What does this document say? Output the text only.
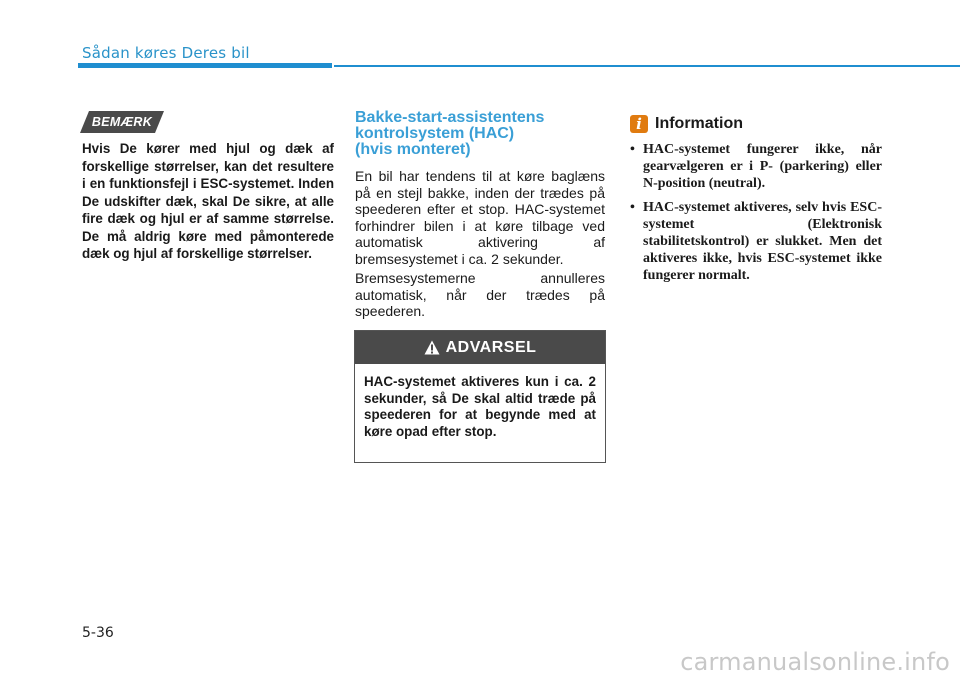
Sådan køres Deres bil
BEMÆRK
Hvis De kører med hjul og dæk af forskellige størrelser, kan det resultere i en funktionsfejl i ESC-systemet. Inden De udskifter dæk, skal De sikre, at alle fire dæk og hjul er af samme størrelse. De må aldrig køre med påmonterede dæk og hjul af forskellige størrelser.
Bakke-start-assistentens
kontrolsystem (HAC)
(hvis monteret)
En bil har tendens til at køre baglæns på en stejl bakke, inden der trædes på speederen efter et stop. HAC-systemet forhindrer bilen i at køre tilbage ved automatisk aktivering af bremsesystemet i ca. 2 sekunder.
Bremsesystemerne annulleres automatisk, når der trædes på speederen.
ADVARSEL
HAC-systemet aktiveres kun i ca. 2 sekunder, så De skal altid træde på speederen for at begynde med at køre opad efter stop.
i Information
• HAC-systemet fungerer ikke, når gearvælgeren er i P- (parkering) eller N-position (neutral).
• HAC-systemet aktiveres, selv hvis ESC-systemet (Elektronisk stabilitetskontrol) er slukket. Men det aktiveres ikke, hvis ESC-systemet ikke fungerer normalt.
5-36
carmanualsonline.info
